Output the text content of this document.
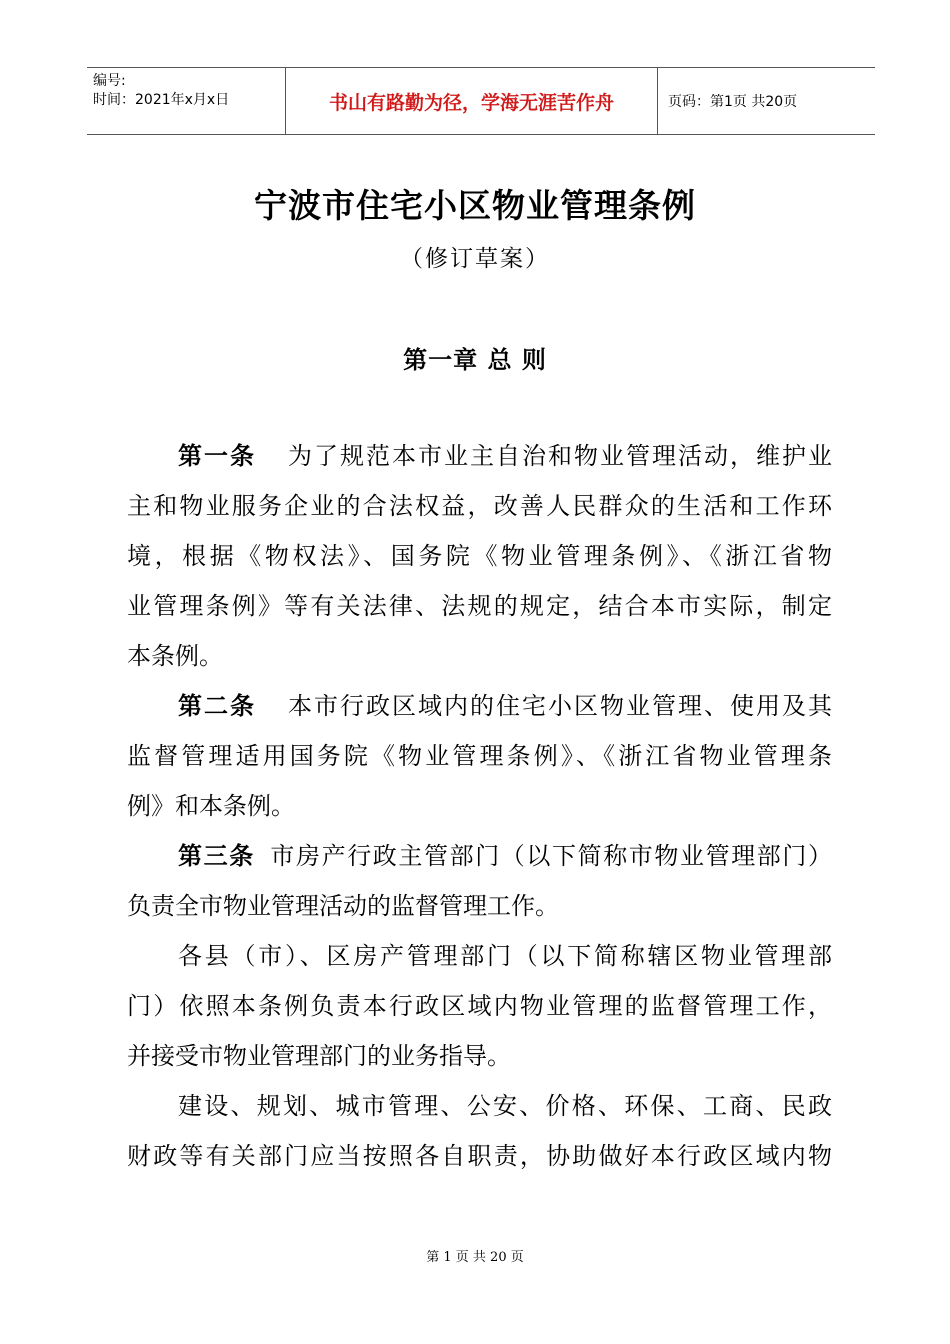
编号:
时间：2021年x月x日	书山有路勤为径，学海无涯苦作舟	页码：第1页 共20页
宁波市住宅小区物业管理条例
（修订草案）
第一章 总 则
第一条 为了规范本市业主自治和物业管理活动，维护业
主和物业服务企业的合法权益，改善人民群众的生活和工作环
境，根据《物权法》、国务院《物业管理条例》、《浙江省物
业管理条例》等有关法律、法规的规定，结合本市实际，制定
本条例。
第二条 本市行政区域内的住宅小区物业管理、使用及其
监督管理适用国务院《物业管理条例》、《浙江省物业管理条
例》和本条例。
第三条 市房产行政主管部门（以下简称市物业管理部门）
负责全市物业管理活动的监督管理工作。
各县（市）、区房产管理部门（以下简称辖区物业管理部
门）依照本条例负责本行政区域内物业管理的监督管理工作，
并接受市物业管理部门的业务指导。
建设、规划、城市管理、公安、价格、环保、工商、民政
财政等有关部门应当按照各自职责，协助做好本行政区域内物
第 1 页 共 20 页
